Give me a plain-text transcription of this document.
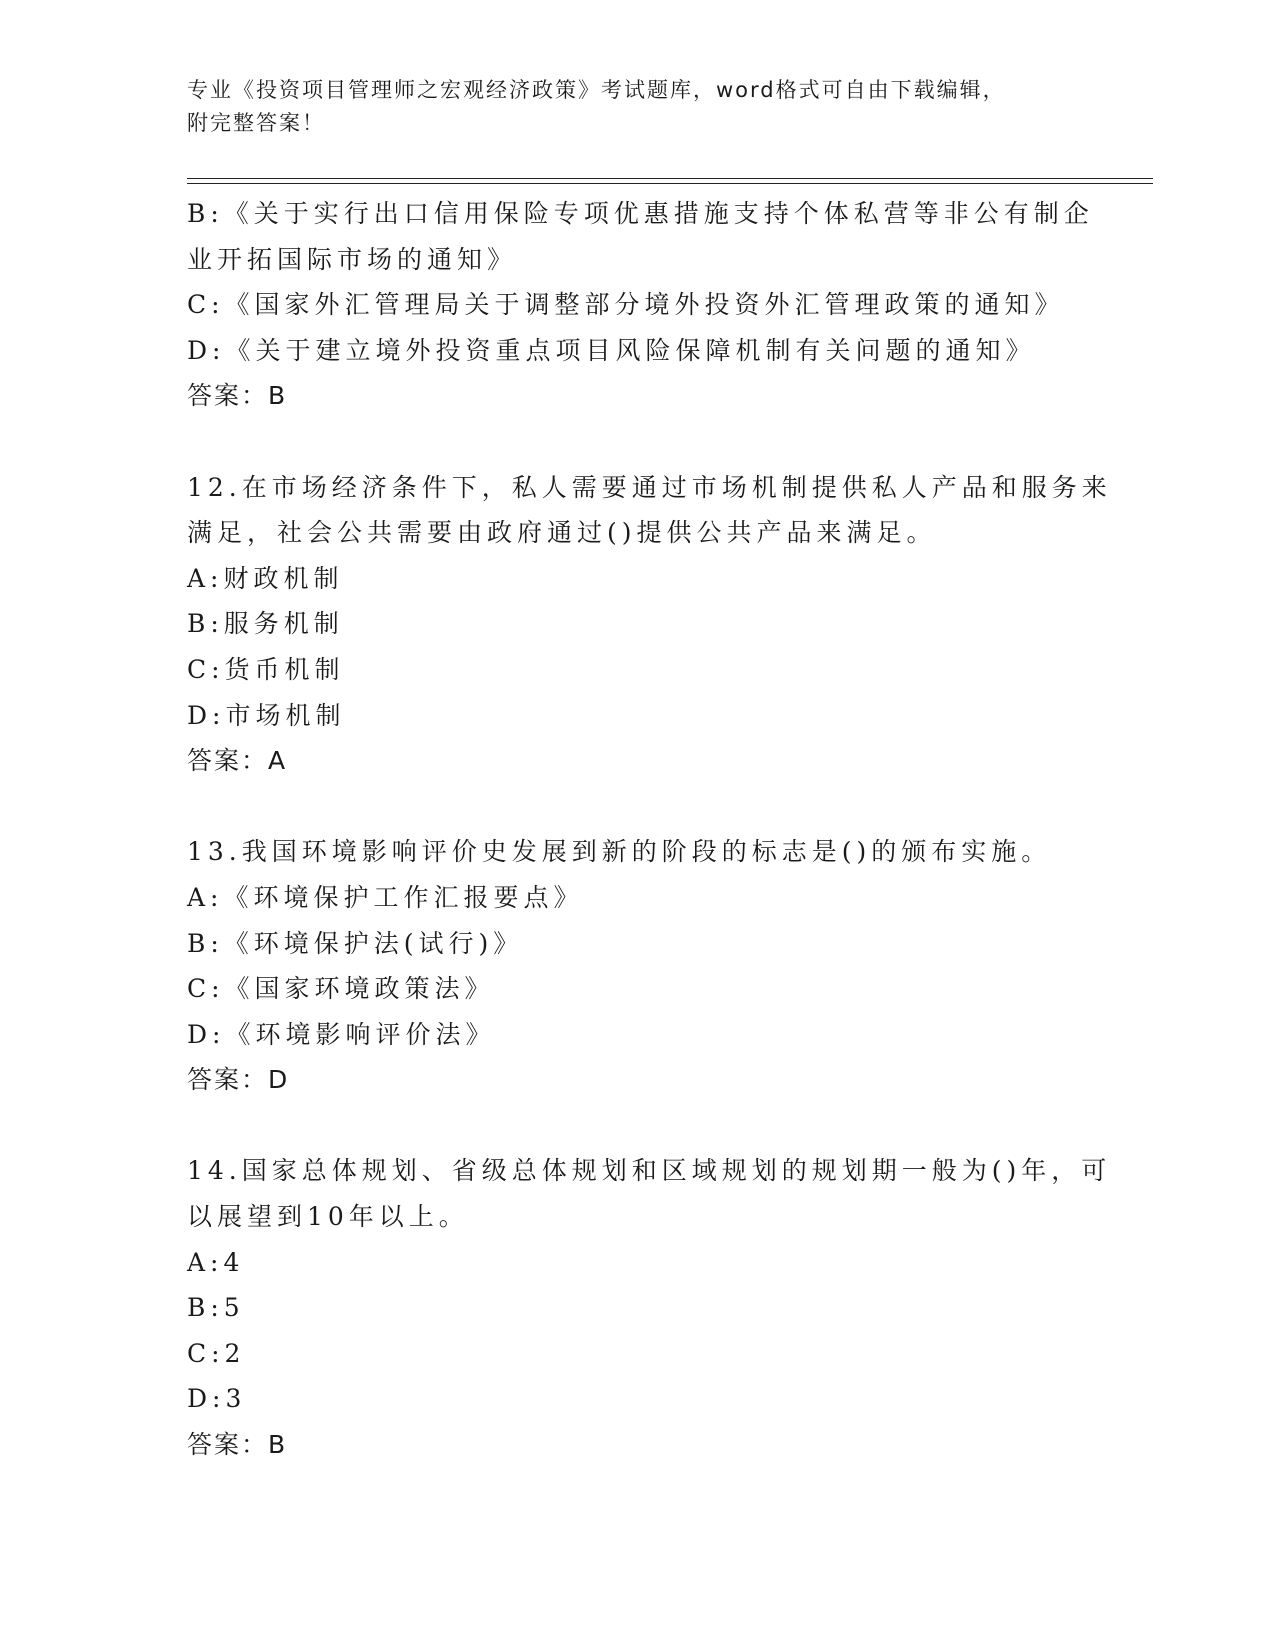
专业《投资项目管理师之宏观经济政策》考试题库，word格式可自由下载编辑，
附完整答案！
B:《关于实行出口信用保险专项优惠措施支持个体私营等非公有制企
业开拓国际市场的通知》
C:《国家外汇管理局关于调整部分境外投资外汇管理政策的通知》
D:《关于建立境外投资重点项目风险保障机制有关问题的通知》
答案：B
12.在市场经济条件下，私人需要通过市场机制提供私人产品和服务来
满足，社会公共需要由政府通过()提供公共产品来满足。
A:财政机制
B:服务机制
C:货币机制
D:市场机制
答案：A
13.我国环境影响评价史发展到新的阶段的标志是()的颁布实施。
A:《环境保护工作汇报要点》
B:《环境保护法(试行)》
C:《国家环境政策法》
D:《环境影响评价法》
答案：D
14.国家总体规划、省级总体规划和区域规划的规划期一般为()年，可
以展望到10年以上。
A:4
B:5
C:2
D:3
答案：B
